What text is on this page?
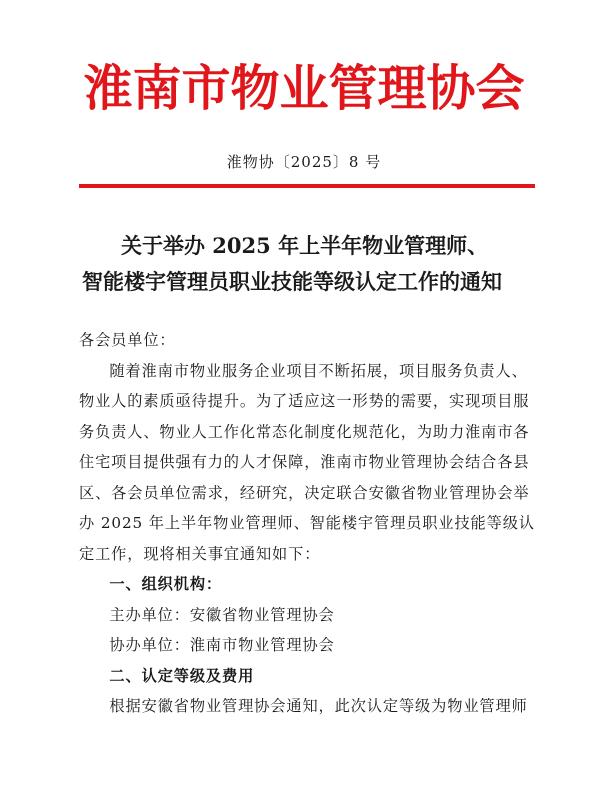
淮南市物业管理协会
淮物协〔2025〕8 号
关于举办 2025 年上半年物业管理师、
智能楼宇管理员职业技能等级认定工作的通知

各会员单位：

随着淮南市物业服务企业项目不断拓展，项目服务负责人、物业人的素质亟待提升。为了适应这一形势的需要，实现项目服务负责人、物业人工作化常态化制度化规范化，为助力淮南市各住宅项目提供强有力的人才保障，淮南市物业管理协会结合各县区、各会员单位需求，经研究，决定联合安徽省物业管理协会举办 2025 年上半年物业管理师、智能楼宇管理员职业技能等级认定工作，现将相关事宜通知如下：

一、组织机构：

主办单位：安徽省物业管理协会

协办单位：淮南市物业管理协会

二、认定等级及费用

根据安徽省物业管理协会通知，此次认定等级为物业管理师
